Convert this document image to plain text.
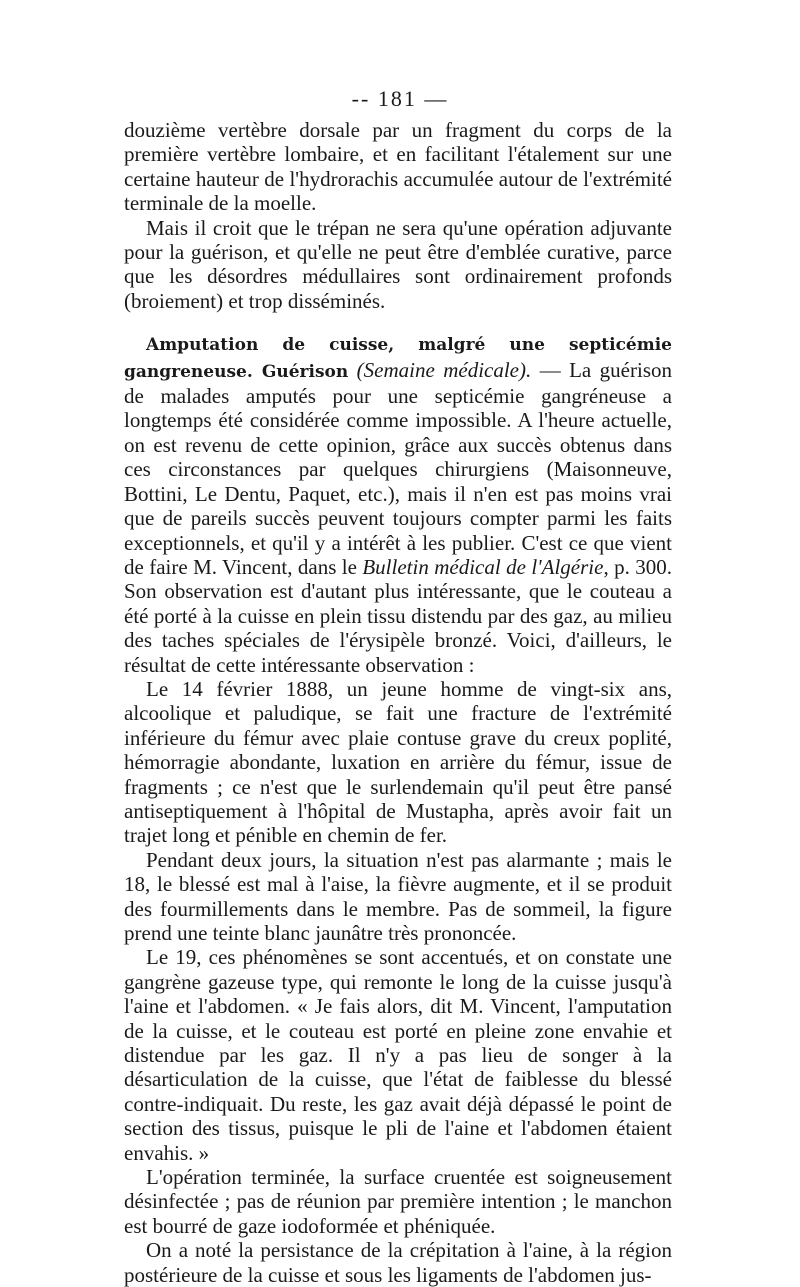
-- 181 —

douzième vertèbre dorsale par un fragment du corps de la première vertèbre lombaire, et en facilitant l'étalement sur une certaine hauteur de l'hydrorachis accumulée autour de l'extrémité terminale de la moelle.

Mais il croit que le trépan ne sera qu'une opération adjuvante pour la guérison, et qu'elle ne peut être d'emblée curative, parce que les désordres médullaires sont ordinairement profonds (broiement) et trop disséminés.

Amputation de cuisse, malgré une septicémie gangreneuse. Guérison (Semaine médicale). — La guérison de malades amputés pour une septicémie gangréneuse a longtemps été considérée comme impossible. A l'heure actuelle, on est revenu de cette opinion, grâce aux succès obtenus dans ces circonstances par quelques chirurgiens (Maisonneuve, Bottini, Le Dentu, Paquet, etc.), mais il n'en est pas moins vrai que de pareils succès peuvent toujours compter parmi les faits exceptionnels, et qu'il y a intérêt à les publier. C'est ce que vient de faire M. Vincent, dans le Bulletin médical de l'Algérie, p. 300. Son observation est d'autant plus intéressante, que le couteau a été porté à la cuisse en plein tissu distendu par des gaz, au milieu des taches spéciales de l'érysipèle bronzé. Voici, d'ailleurs, le résultat de cette intéressante observation :

Le 14 février 1888, un jeune homme de vingt-six ans, alcoolique et paludique, se fait une fracture de l'extrémité inférieure du fémur avec plaie contuse grave du creux poplité, hémorragie abondante, luxation en arrière du fémur, issue de fragments ; ce n'est que le surlendemain qu'il peut être pansé antiseptiquement à l'hôpital de Mustapha, après avoir fait un trajet long et pénible en chemin de fer.

Pendant deux jours, la situation n'est pas alarmante ; mais le 18, le blessé est mal à l'aise, la fièvre augmente, et il se produit des fourmillements dans le membre. Pas de sommeil, la figure prend une teinte blanc jaunâtre très prononcée.

Le 19, ces phénomènes se sont accentués, et on constate une gangrène gazeuse type, qui remonte le long de la cuisse jusqu'à l'aine et l'abdomen. « Je fais alors, dit M. Vincent, l'amputation de la cuisse, et le couteau est porté en pleine zone envahie et distendue par les gaz. Il n'y a pas lieu de songer à la désarticulation de la cuisse, que l'état de faiblesse du blessé contre-indiquait. Du reste, les gaz avait déjà dépassé le point de section des tissus, puisque le pli de l'aine et l'abdomen étaient envahis. »

L'opération terminée, la surface cruentée est soigneusement désinfectée ; pas de réunion par première intention ; le manchon est bourré de gaze iodoformée et phéniquée.

On a noté la persistance de la crépitation à l'aine, à la région postérieure de la cuisse et sous les ligaments de l'abdomen jus-
